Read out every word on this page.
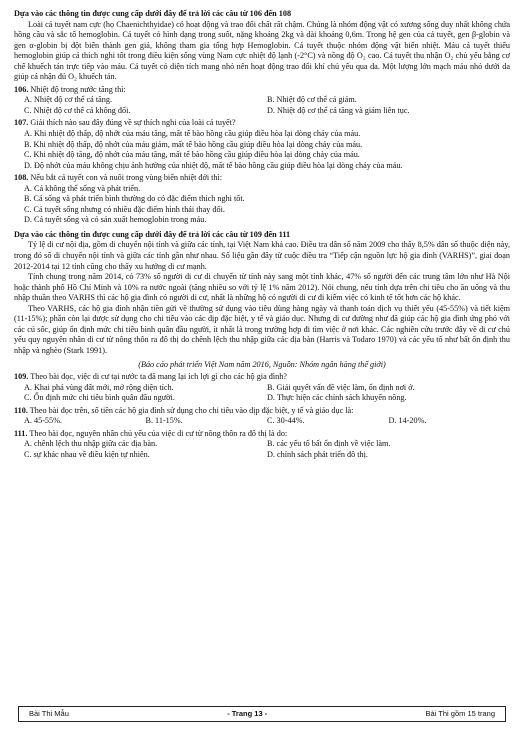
Dựa vào các thông tin được cung cấp dưới đây để trả lời các câu từ 106 đến 108

Loài cá tuyết nam cực (họ Chaenichthyidae) có hoạt động và trao đổi chất rất chậm. Chúng là nhóm động vật có xương sống duy nhất không chứa hồng cầu và sắc tố hemoglobin. Cá tuyết có hình dạng trong suốt, nặng khoảng 2kg và dài khoảng 0,6m. Trong hệ gen của cá tuyết, gen β-globin và gen α-globin bị đột biến thành gen giả, không tham gia tổng hợp Hemoglobin. Cá tuyết thuộc nhóm động vật biến nhiệt. Máu cá tuyết thiếu hemoglobin giúp cá thích nghi tốt trong điều kiện sống vùng Nam cực nhiệt độ lạnh (-2°C) và nồng độ O₂ cao. Cá tuyết thu nhận O₂ chủ yếu bằng cơ chế khuếch tán trực tiếp vào máu. Cá tuyết có diện tích mang nhỏ nên hoạt động trao đổi khí chủ yếu qua da. Một lượng lớn mạch máu nhỏ dưới da giúp cá nhận đủ O₂ khuếch tán.

106. Nhiệt độ trong nước tăng thì:

A. Nhiệt độ cơ thể cá tăng.	B. Nhiệt độ cơ thể cá giảm.
C. Nhiệt độ cơ thể cá không đổi.	D. Nhiệt độ cơ thể cá tăng và giảm liên tục.

107. Giải thích nào sau đây đúng về sự thích nghi của loài cá tuyết?

A. Khi nhiệt độ thấp, độ nhớt của máu tăng, mất tế bào hồng cầu giúp điều hòa lại dòng chảy của máu.

B. Khi nhiệt độ thấp, độ nhớt của máu giảm, mất tế bào hồng cầu giúp điều hòa lại dòng chảy của máu.

C. Khi nhiệt độ tăng, độ nhớt của máu tăng, mất tế bào hồng cầu giúp điều hòa lại dòng chảy của máu.

D. Độ nhớt của máu không chịu ảnh hưởng của nhiệt độ, mất tế bào hồng cầu giúp điều hòa lại dòng chảy của máu.

108. Nếu bắt cá tuyết con và nuôi trong vùng biển nhiệt đới thì:

A. Cá không thể sống và phát triển.

B. Cá sống và phát triển bình thường do có đặc điểm thích nghi tốt.

C. Cá tuyết sống nhưng có nhiều đặc điểm hình thái thay đổi.

D. Cá tuyết sống và có sản xuất hemoglobin trong máu.

Dựa vào các thông tin được cung cấp dưới đây để trả lời các câu từ 109 đến 111

Tỷ lệ di cư nội địa, gồm di chuyển nội tỉnh và giữa các tỉnh, tại Việt Nam khá cao. Điều tra dân số năm 2009 cho thấy 8,5% dân số thuộc diện này, trong đó số di chuyển nội tỉnh và giữa các tỉnh gần như nhau. Số liệu gần đây từ cuộc điều tra “Tiếp cận nguồn lực hộ gia đình (VARHS)”, giai đoạn 2012-2014 tại 12 tỉnh cũng cho thấy xu hướng di cư mạnh.

Tính chung trong năm 2014, có 73% số người di cư di chuyển từ tỉnh này sang một tỉnh khác, 47% số người đến các trung tâm lớn như Hà Nội hoặc thành phố Hồ Chí Minh và 10% ra nước ngoài (tăng nhiều so với tỷ lệ 1% năm 2012). Nói chung, nếu tính dựa trên chi tiêu cho ăn uống và thu nhập thuần theo VARHS thì các hộ gia đình có người di cư, nhất là những hộ có người di cư đi kiếm việc có kinh tế tốt hơn các hộ khác.

Theo VARHS, các hộ gia đình nhận tiền gửi về thường sử dụng vào tiêu dùng hàng ngày và thanh toán dịch vụ thiết yếu (45-55%) và tiết kiệm (11-15%); phần còn lại được sử dụng cho chi tiêu vào các dịp đặc biệt, y tế và giáo dục. Nhưng di cư đường như đã giúp các hộ gia đình ứng phó với các cú sốc, giúp ổn định mức chi tiêu bình quân đầu người, ít nhất là trong trường hợp đi tìm việc ở nơi khác. Các nghiên cứu trước đây về di cư chủ yếu quy nguyên nhân di cư từ nông thôn ra đô thị do chênh lệch thu nhập giữa các địa bàn (Harris và Todaro 1970) và các yếu tố như bất ổn định thu nhập và nghèo (Stark 1991).

(Báo cáo phát triển Việt Nam năm 2016, Nguồn: Nhóm ngân hàng thế giới)

109. Theo bài đọc, việc di cư tại nước ta đã mang lại ích lợi gì cho các hộ gia đình?

A. Khai phá vùng đất mới, mở rộng diện tích.	B. Giải quyết vấn đề việc làm, ổn định nơi ở.
C. Ổn định mức chi tiêu bình quân đầu người.	D. Thực hiện các chính sách khuyến nông.

110. Theo bài đọc trên, số tiền các hộ gia đình sử dụng cho chi tiêu vào dịp đặc biệt, y tế và giáo dục là:

A. 45-55%.	B. 11-15%.	C. 30-44%.	D. 14-20%.

111. Theo bài đọc, nguyên nhân chủ yếu của việc di cư từ nông thôn ra đô thị là do:

A. chênh lệch thu nhập giữa các địa bàn.	B. các yếu tố bất ổn định về việc làm.
C. sự khác nhau về điều kiện tự nhiên.	D. chính sách phát triển đô thị.
Bài Thi Mẫu	- Trang 13 -	Bài Thi gồm 15 trang
